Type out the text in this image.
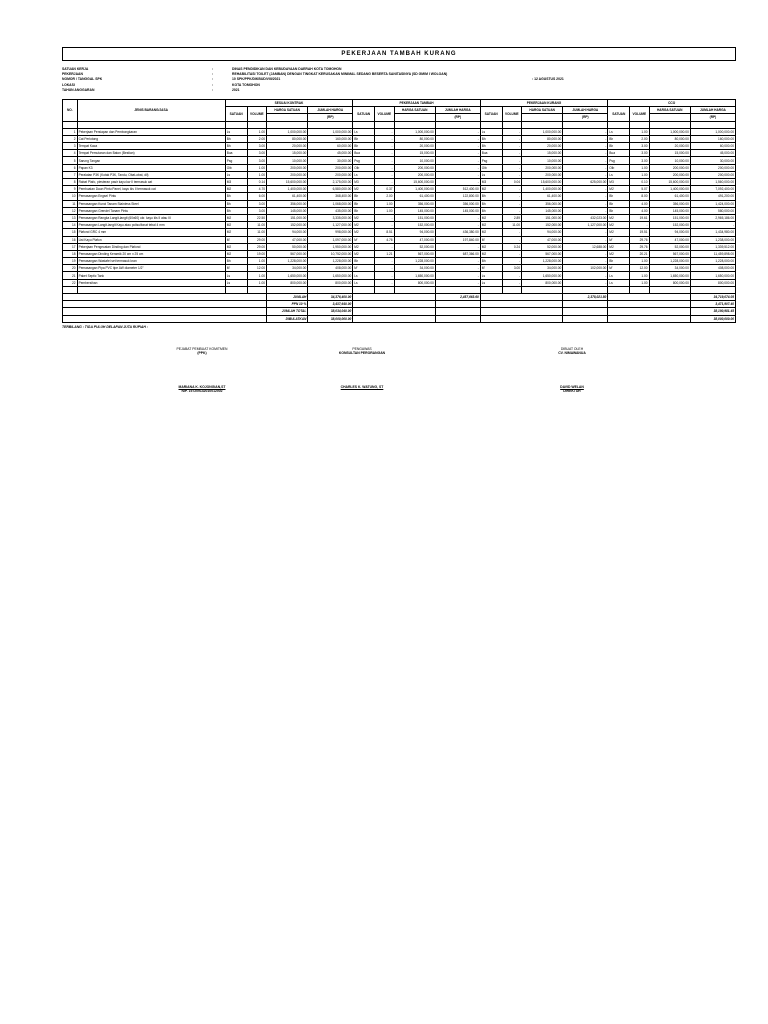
PEKERJAAN TAMBAH KURANG
SATUAN KERJA	:	DINAS PENDIDIKAN DAN KEBUDAYAAN DAERAH KOTA TOMOHON
PEKERJAAN	:	REHABILITASI TOILET (JAMBAN) DENGAN TINGKAT KERUSAKAN MINIMAL SEDANG BESERTA SANITASINYA (SD GMIM I WOLOAN)
NOMOR / TANGGAL SPK	:	10 SPK/PPK/DIKBUD/VIII/2021	: 12 AGUSTUS 2021
LOKASI	:	KOTA TOMOHON
TAHUN ANGGARAN	:	2021
NO.	JENIS BARANG/JASA	SESUAI KONTRAK				PEKERJAAN TAMBAH				PEKERJAAN KURANG				CCO			
		SATUAN	VOLUME	HARGA SATUAN	JUMLAH HARGA	SATUAN	VOLUME	HARGA SATUAN	JUMLAH HARGA	SATUAN	VOLUME	HARGA SATUAN	JUMLAH HARGA	SATUAN	VOLUME	HARGA SATUAN	JUMLAH HARGA
					(RP)				(RP)				(RP)				(RP)

1	Pekerjaan Persiapan dan Pembongkaran	Ls	1.00	1,000,000.00	1,000,000.00	Ls	-	1,000,000.00	-	Ls	-	1,000,000.00	-	Ls	1.00	1,000,000.00	1,000,000.00
2	Cat Perlotong	Bh	2.00	80,000.00	160,000.00	Bh	-	80,000.00	-	Bh	-	80,000.00	-	Bh	2.00	80,000.00	160,000.00
3	Tempat Kaca	Bh	3.00	20,000.00	60,000.00	Bh	-	20,000.00	-	Bh	-	20,000.00	-	Bh	3.00	20,000.00	60,000.00
4	Tempat Pemutaran dan Baton (Bestian)	Bua	3.00	15,000.00	45,000.00	Bua	-	15,000.00	-	Bua	-	15,000.00	-	Bua	3.00	15,000.00	45,000.00
5	Sarung Tangan	Psg	3.00	10,000.00	30,000.00	Psg	-	10,000.00	-	Psg	-	10,000.00	-	Psg	3.00	10,000.00	30,000.00
6	Papan K3	Olb	1.00	200,000.00	200,000.00	Olb	-	200,000.00	-	Olb	-	200,000.00	-	Olb	1.00	200,000.00	200,000.00
7	Peralatan P3K (Kotak P3K, Tandu, Obat-obat, dll)	Ls	1.00	200,000.00	200,000.00	Ls	-	200,000.00	-	Ls	-	200,000.00	-	Ls	1.00	200,000.00	200,000.00
8	Rabat Plafo, plesteran pasir kayu kw II termasuk cat	M3	0.14	15,600,000.00	2,175,000.00	M3	-	15,600,000.00	-	M3	0.04	15,600,000.00	625,000.00	M3	0.10	15,600,000.00	1,560,000.00
9	Pembuatan Daun Pintu Panel, kayu kls II termasuk cat	M2	4.70	1,400,000.00	6,580,000.00	M2	0.37	1,400,000.00	512,400.00	M2	-	1,400,000.00	-	M2	5.07	1,400,000.00	7,092,400.00
10	Pemasangan Engsel Pintu	Bh	6.00	61,400.00	368,400.00	Bh	2.00	61,400.00	122,800.00	Bh	-	61,400.00	-	Bh	8.00	61,400.00	491,200.00
11	Pemasangan Kunci Tanam Stainless Steel	Bh	3.00	356,000.00	1,068,000.00	Bh	1.00	356,000.00	356,000.00	Bh	-	356,000.00	-	Bh	4.00	356,000.00	1,424,000.00
12	Pemasangan Grendel Tanam Pintu	Bh	3.00	145,000.00	435,000.00	Bh	1.00	145,000.00	145,000.00	Bh	-	145,000.00	-	Bh	4.00	145,000.00	580,000.00
13	Pemasangan Rangka Langit-langit (60x60) ukr. kayu kls II atau III	M2	22.50	151,000.00	3,335,000.00	M2	-	151,000.00	-	M2	2.89	151,000.00	432,023.00	M2	19.61	151,000.00	2,965,186.00
14	Pemasangan Langit-langit Kayu atau polisulfonat tebal 4 mm	M2	11.00	152,000.00	1,127,000.00	M2	-	152,000.00	-	M2	11.00	152,000.00	1,127,000.00	M2	-	152,000.00	-
15	Plafond GRC 4 mm	M2	11.00	94,000.00	998,000.00	M2	8.51	94,000.00	436,380.00	M2	-	94,000.00	-	M2	19.51	94,000.00	1,434,980.00
16	List Kayu Plafon	M'	29.00	47,000.00	1,097,000.00	M'	4.76	47,000.00	197,840.00	M'	-	47,000.00	-	M'	29.76	47,000.00	1,238,000.00
17	Pekerjaan Pengecatan Dinding dan Plafond	M2	29.00	50,000.00	1,950,000.00	M2	-	52,000.00	-	M2	0.24	52,000.00	12,688.00	M2	29.76	52,000.00	1,339,512.00
18	Pemasangan Dinding Keramik 20 cm x 25 cm	M2	19.00	567,000.00	10,752,000.00	M2	1.21	567,000.00	687,366.00	M2	-	567,000.00	-	M2	20.21	567,000.00	11,459,898.00
19	Pemasangan Wastafel set termasuk kran	Bh	1.00	1,228,000.00	1,228,000.00	Bh	-	1,228,000.00	-	Bh	-	1,228,000.00	-	Bh	1.00	1,228,000.00	1,228,000.00
20	Pemasangan Pipa PVC tipe AW diameter 1/2"	M'	12.00	34,000.00	408,000.00	M'	-	34,000.00	-	M'	3.00	34,000.00	102,000.00	M'	12.00	34,000.00	408,000.00
21	Paket Septic Tank	Ls	1.00	1,650,000.00	1,650,000.00	Ls	-	1,650,000.00	-	Ls	-	1,650,000.00	-	Ls	1.00	1,650,000.00	1,650,000.00
22	Pembersihan	Ls	1.00	800,000.00	800,000.00	Ls	-	800,000.00	-	Ls	-	800,000.00	-	Ls	1.00	800,000.00	800,000.00

				JUMLAH	34,376,400.00				2,457,663.60				2,378,021.50				34,719,074.05
				PPN 10 %	3,437,640.00												3,471,907.40
				JUMLAH TOTAL	38,034,040.00												38,190,981.45
				DIBULATKAN	38,000,000.00												38,000,000.00
TERBILANG : TIGA PULUH DELAPAN JUTA RUPIAH :
PEJABAT PEMBUAT KOMITMEN
(PPK)
MARIANA K. KOJONGIAN,ST
NIP. 197209142010012002
PENGAWAS
KONSULTAN PERORANGAN
CHARLES K. WATUNG, ST
DIBUAT OLEH
CV. NIMAWANUA
DAVID WELAN
DIREKTUR
